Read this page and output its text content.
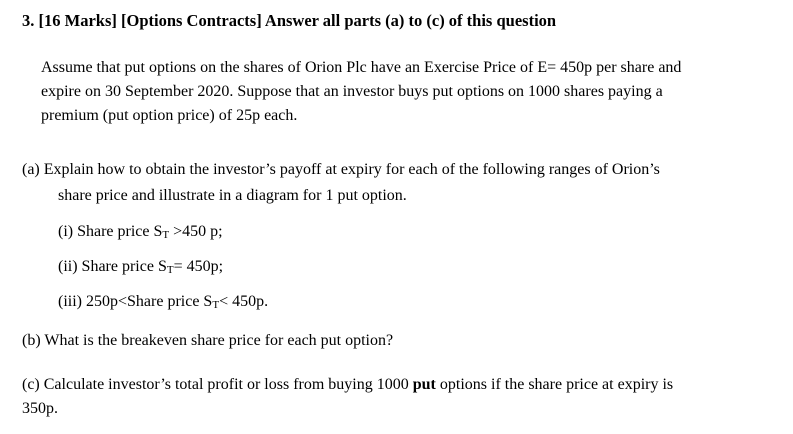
3. [16 Marks] [Options Contracts] Answer all parts (a) to (c) of this question
Assume that put options on the shares of Orion Plc have an Exercise Price of E= 450p per share and
expire on 30 September 2020. Suppose that an investor buys put options on 1000 shares paying a
premium (put option price) of 25p each.
(a) Explain how to obtain the investor’s payoff at expiry for each of the following ranges of Orion’s
share price and illustrate in a diagram for 1 put option.
(i) Share price ST >450 p;
(ii) Share price ST= 450p;
(iii) 250p<Share price ST< 450p.
(b) What is the breakeven share price for each put option?
(c) Calculate investor’s total profit or loss from buying 1000 put options if the share price at expiry is
350p.
